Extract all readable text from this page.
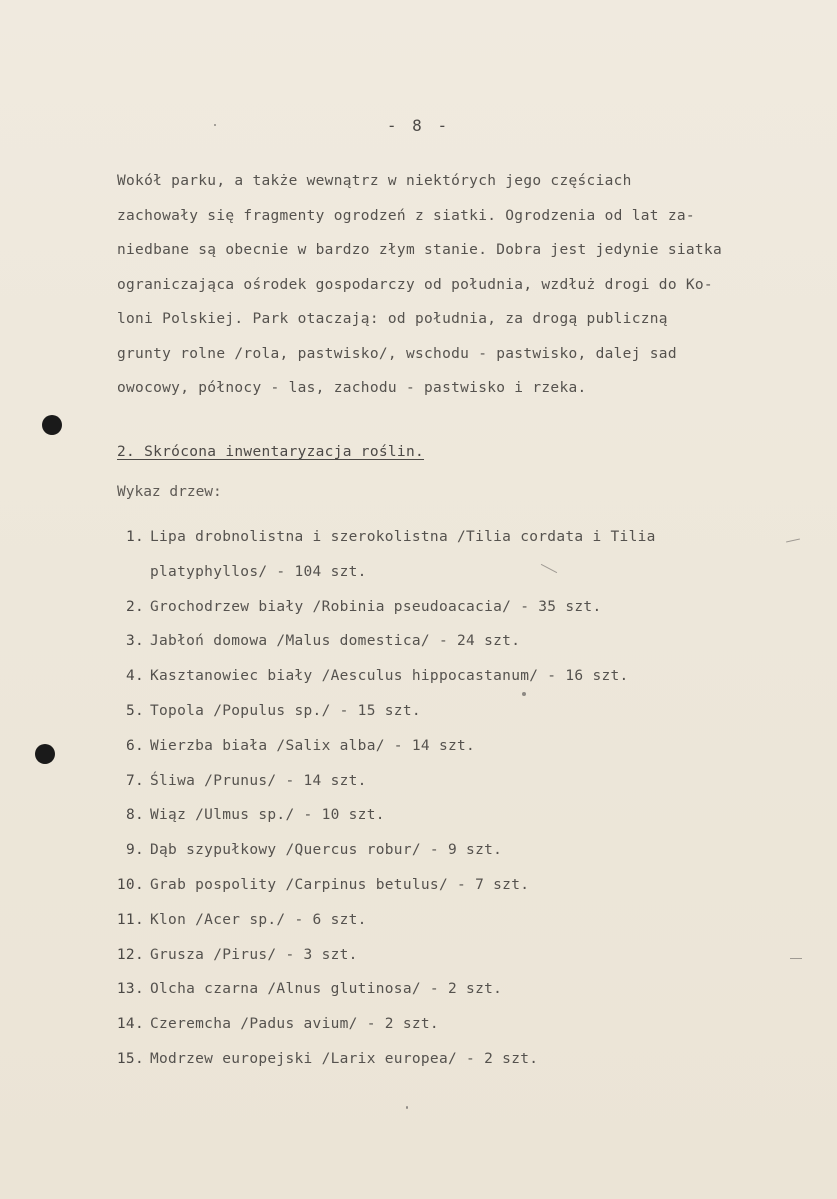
- 8 -
Wokół parku, a także wewnątrz w niektórych jego częściach
zachowały się fragmenty ogrodzeń z siatki. Ogrodzenia od lat za-
niedbane są obecnie w bardzo złym stanie. Dobra jest jedynie siatka
ograniczająca ośrodek gospodarczy od południa, wzdłuż drogi do Ko-
loni Polskiej. Park otaczają: od południa, za drogą publiczną
grunty rolne /rola, pastwisko/, wschodu - pastwisko, dalej sad
owocowy, północy - las, zachodu - pastwisko i rzeka.
2. Skrócona inwentaryzacja roślin.
Wykaz drzew:
1. Lipa drobnolistna i szerokolistna /Tilia cordata i Tilia platyphyllos/ - 104 szt.
2. Grochodrzew biały /Robinia pseudoacacia/ - 35 szt.
3. Jabłoń domowa /Malus domestica/ - 24 szt.
4. Kasztanowiec biały /Aesculus hippocastanum/ - 16 szt.
5. Topola /Populus sp./ - 15 szt.
6. Wierzba biała /Salix alba/ - 14 szt.
7. Śliwa /Prunus/ - 14 szt.
8. Wiąz /Ulmus sp./ - 10 szt.
9. Dąb szypułkowy /Quercus robur/ - 9 szt.
10. Grab pospolity /Carpinus betulus/ - 7 szt.
11. Klon /Acer sp./ - 6 szt.
12. Grusza /Pirus/ - 3 szt.
13. Olcha czarna /Alnus glutinosa/ - 2 szt.
14. Czeremcha /Padus avium/ - 2 szt.
15. Modrzew europejski /Larix europea/ - 2 szt.
